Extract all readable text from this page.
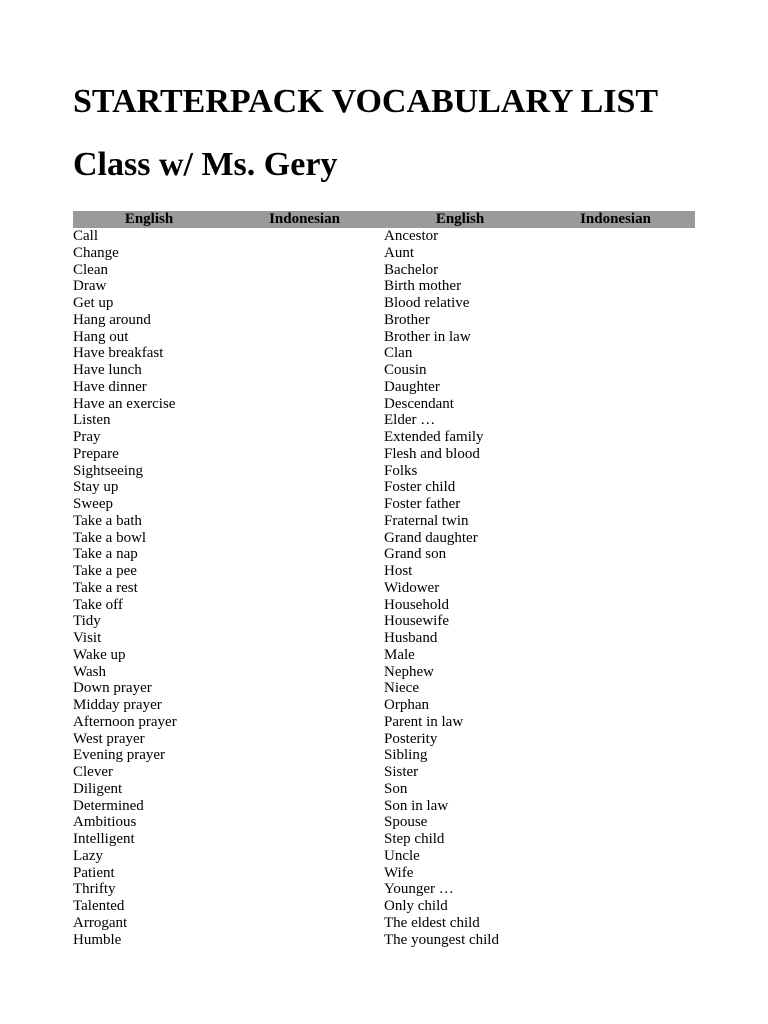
STARTERPACK VOCABULARY LIST
Class w/ Ms. Gery
English	Indonesian	English	Indonesian
Call		Ancestor	
Change		Aunt	
Clean		Bachelor	
Draw		Birth mother	
Get up		Blood relative	
Hang around		Brother	
Hang out		Brother in law	
Have breakfast		Clan	
Have lunch		Cousin	
Have dinner		Daughter	
Have an exercise		Descendant	
Listen		Elder …	
Pray		Extended family	
Prepare		Flesh and blood	
Sightseeing		Folks	
Stay up		Foster child	
Sweep		Foster father	
Take a bath		Fraternal twin	
Take a bowl		Grand daughter	
Take a nap		Grand son	
Take a pee		Host	
Take a rest		Widower	
Take off		Household	
Tidy		Housewife	
Visit		Husband	
Wake up		Male	
Wash		Nephew	
Down prayer		Niece	
Midday prayer		Orphan	
Afternoon prayer		Parent in law	
West prayer		Posterity	
Evening prayer		Sibling	
Clever		Sister	
Diligent		Son	
Determined		Son in law	
Ambitious		Spouse	
Intelligent		Step child	
Lazy		Uncle	
Patient		Wife	
Thrifty		Younger …	
Talented		Only child	
Arrogant		The eldest child	
Humble		The youngest child	
